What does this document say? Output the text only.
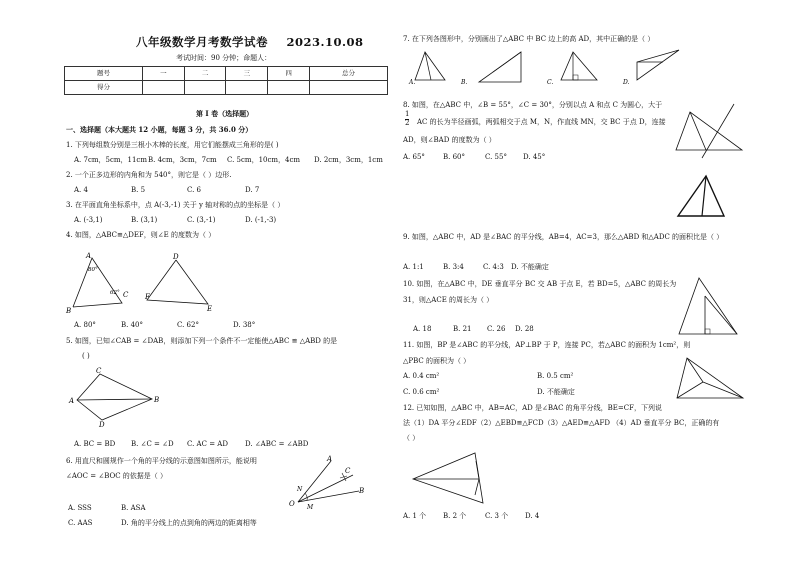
八年级数学月考数学试卷 2023.10.08
考试时间：90 分钟；命题人：
题号	一	二	三	四	总分
得分					
第 I 卷（选择题）
一、选择题（本大题共 12 小题，每题 3 分，共 36.0 分）
1. 下列每组数分别是三根小木棒的长度，用它们能摆成三角形的是( )
A. 7cm，5cm，11cm B. 4cm，3cm，7cm C. 5cm，10cm，4cm D. 2cm，3cm，1cm
2. 一个正多边形的内角和为 540°，则它是（ ）边形.
A. 4	B. 5	C. 6	D. 7
3. 在平面直角坐标系中，点 A(-3,-1) 关于 y 轴对称的点的坐标是（ ）
A. (-3,1)	B. (3,1)	C. (3,-1)	D. (-1,-3)
4. 如图，△ABC≌△DEF，则∠E 的度数为（ ）
A
B
C
80°
62°
D
F
E
A. 80°	B. 40°	C. 62°	D. 38°
5. 如图，已知∠CAB = ∠DAB，则添加下列一个条件不一定能使△ABC ≌ △ABD 的是
( )
C
A	B
D
A. BC = BD B. ∠C = ∠D C. AC = AD D. ∠ABC = ∠ABD
6. 用直尺和圆规作一个角的平分线的示意图如图所示，能说明
∠AOC = ∠BOC 的依据是（ ）
A
N
C
O M
B
A. SSS	B. ASA
C. AAS	D. 角的平分线上的点到角的两边的距离相等
7. 在下列各图形中，分别画出了△ABC 中 BC 边上的高 AD，其中正确的是（ ）
A.	B.	C.	D.
8. 如图，在△ABC 中，∠B = 55°，∠C = 30°，分别以点 A 和点 C 为圆心，大于
$\frac{1}{2}$ AC 的长为半径画弧，两弧相交于点 M，N，作直线 MN，交 BC 于点 D，连接
AD，则∠BAD 的度数为（ ）
A. 65°	B. 60°	C. 55° D. 45°
9. 如图，△ABC 中，AD 是∠BAC 的平分线，AB=4，AC=3，那么△ABD 和△ADC 的面积比是（ ）
A. 1:1	B. 3:4	C. 4:3 D. 不能确定
10. 如图，在△ABC 中，DE 垂直平分 BC 交 AB 于点 E，若 BD=5，△ABC 的周长为
31，则△ACE 的周长为（ ）
A. 18	B. 21 C. 26 D. 28
11. 如图，BP 是∠ABC 的平分线，AP⊥BP 于 P，连接 PC，若△ABC 的面积为 1cm²，则
△PBC 的面积为（ ）
A. 0.4 cm²	B. 0.5 cm²
C. 0.6 cm²	D. 不能确定
12. 已知如图，△ABC 中，AB=AC，AD 是∠BAC 的角平分线，BE=CF，下列说
法（1）DA 平分∠EDF（2）△EBD≌△FCD（3）△AED≌△AFD （4）AD 垂直平分 BC，正确的有
（ ）
A. 1 个 B. 2 个	C. 3 个 D. 4
